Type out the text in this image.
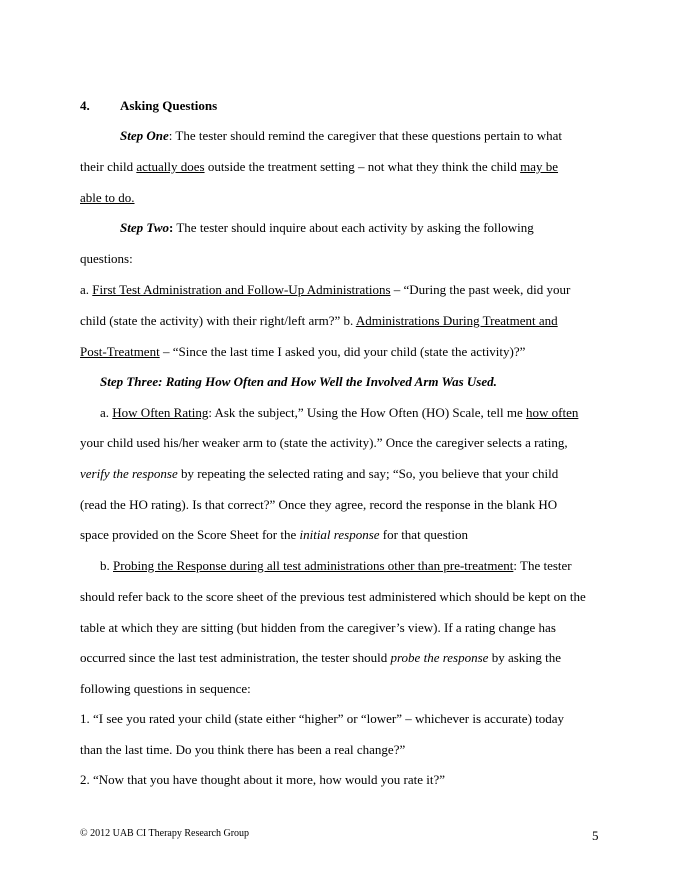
4. Asking Questions
Step One: The tester should remind the caregiver that these questions pertain to what
their child actually does outside the treatment setting – not what they think the child may be
able to do.
Step Two: The tester should inquire about each activity by asking the following
questions:
a. First Test Administration and Follow-Up Administrations – “During the past week, did your
child (state the activity) with their right/left arm?” b. Administrations During Treatment and
Post-Treatment – “Since the last time I asked you, did your child (state the activity)?”
Step Three: Rating How Often and How Well the Involved Arm Was Used.
a. How Often Rating: Ask the subject,” Using the How Often (HO) Scale, tell me how often
your child used his/her weaker arm to (state the activity).” Once the caregiver selects a rating,
verify the response by repeating the selected rating and say; “So, you believe that your child
(read the HO rating). Is that correct?” Once they agree, record the response in the blank HO
space provided on the Score Sheet for the initial response for that question
b. Probing the Response during all test administrations other than pre-treatment: The tester
should refer back to the score sheet of the previous test administered which should be kept on the
table at which they are sitting (but hidden from the caregiver’s view). If a rating change has
occurred since the last test administration, the tester should probe the response by asking the
following questions in sequence:
1. “I see you rated your child (state either “higher” or “lower” – whichever is accurate) today
than the last time. Do you think there has been a real change?”
2. “Now that you have thought about it more, how would you rate it?”
© 2012 UAB CI Therapy Research Group	5
